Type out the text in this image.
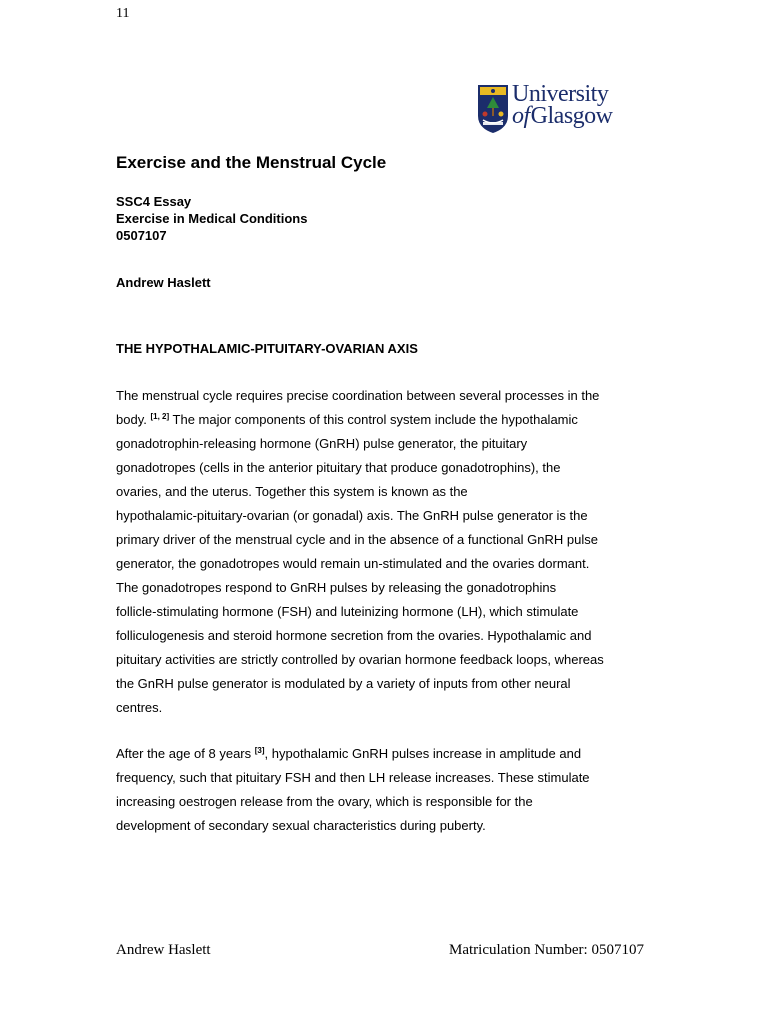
11
University
ofGlasgow
Exercise and the Menstrual Cycle
SSC4 Essay
Exercise in Medical Conditions
0507107
Andrew Haslett
THE HYPOTHALAMIC-PITUITARY-OVARIAN AXIS

The menstrual cycle requires precise coordination between several processes in the
body. [1, 2] The major components of this control system include the hypothalamic
gonadotrophin-releasing hormone (GnRH) pulse generator, the pituitary
gonadotropes (cells in the anterior pituitary that produce gonadotrophins), the
ovaries, and the uterus. Together this system is known as the
hypothalamic-pituitary-ovarian (or gonadal) axis. The GnRH pulse generator is the
primary driver of the menstrual cycle and in the absence of a functional GnRH pulse
generator, the gonadotropes would remain un-stimulated and the ovaries dormant.
The gonadotropes respond to GnRH pulses by releasing the gonadotrophins
follicle-stimulating hormone (FSH) and luteinizing hormone (LH), which stimulate
folliculogenesis and steroid hormone secretion from the ovaries. Hypothalamic and
pituitary activities are strictly controlled by ovarian hormone feedback loops, whereas
the GnRH pulse generator is modulated by a variety of inputs from other neural
centres.

After the age of 8 years [3], hypothalamic GnRH pulses increase in amplitude and
frequency, such that pituitary FSH and then LH release increases. These stimulate
increasing oestrogen release from the ovary, which is responsible for the
development of secondary sexual characteristics during puberty.

Andrew Haslett	Matriculation Number: 0507107
